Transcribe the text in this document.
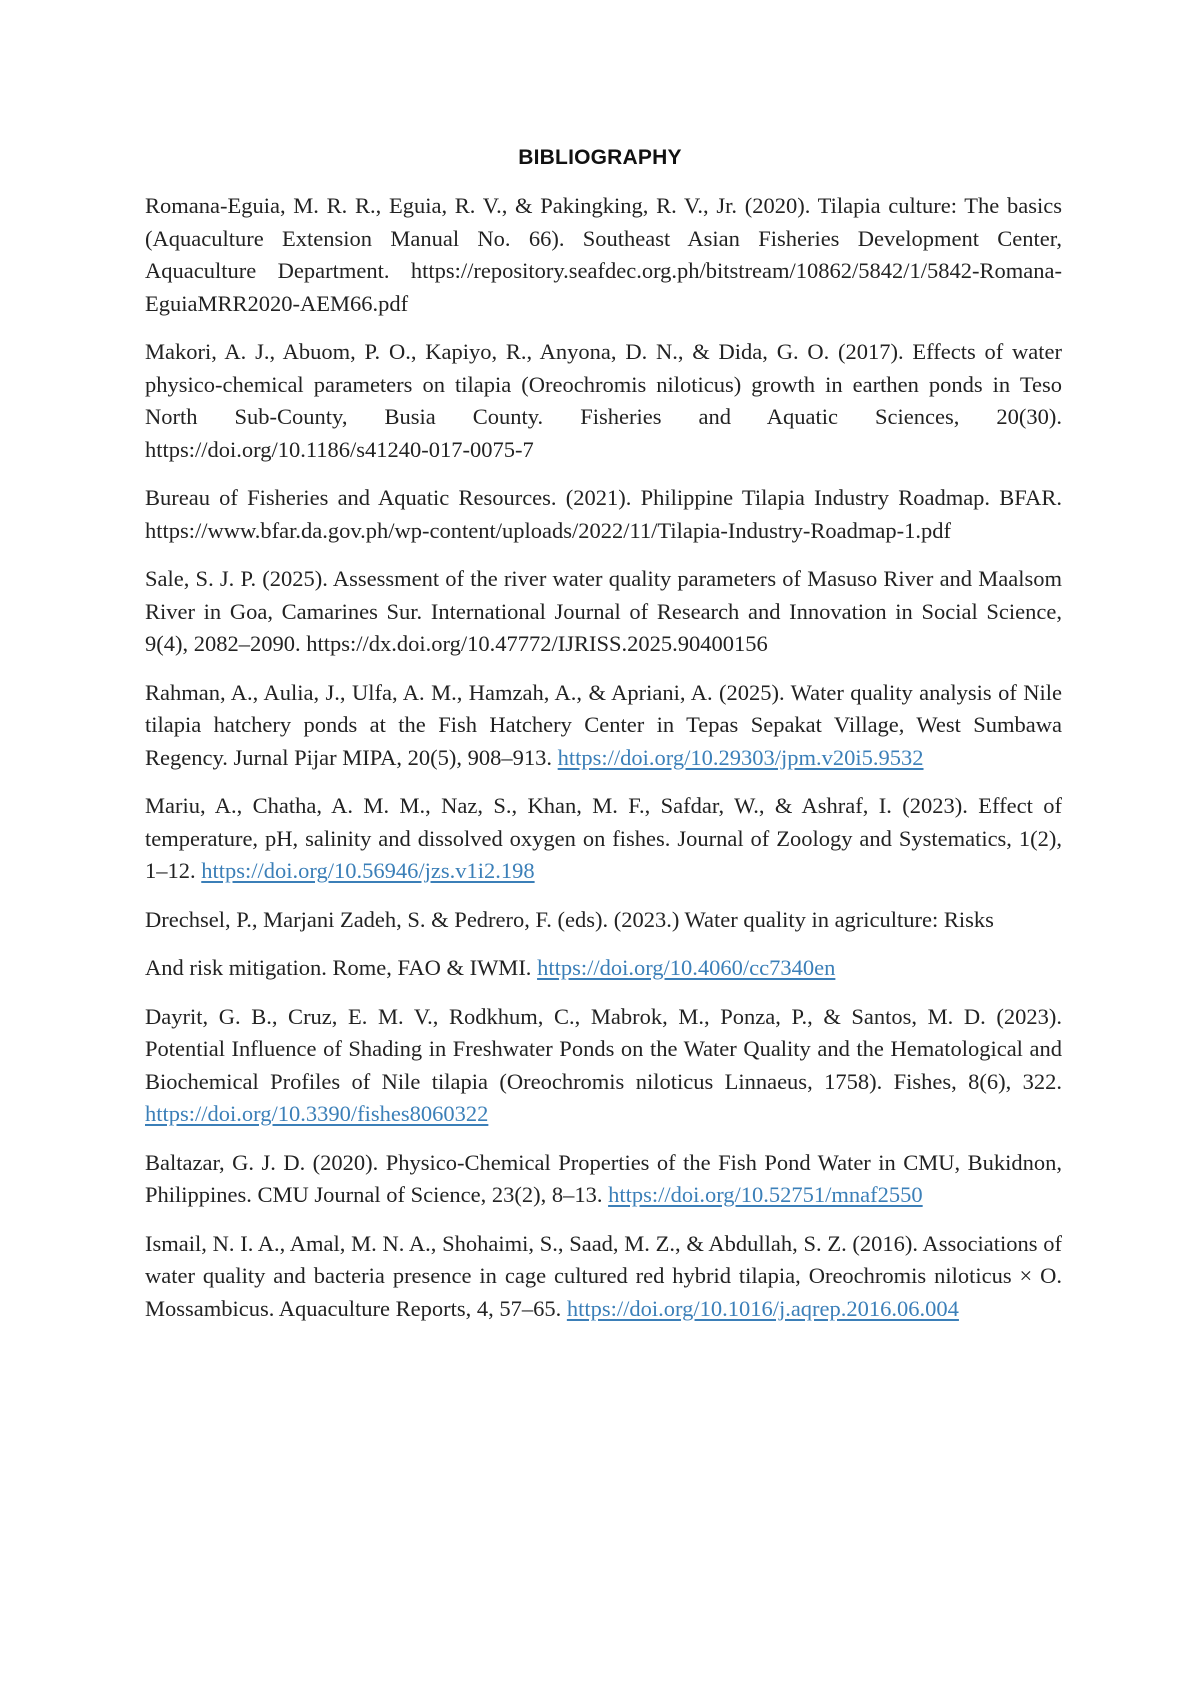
BIBLIOGRAPHY

Romana-Eguia, M. R. R., Eguia, R. V., & Pakingking, R. V., Jr. (2020). Tilapia culture: The basics (Aquaculture Extension Manual No. 66). Southeast Asian Fisheries Development Center, Aquaculture Department. https://repository.seafdec.org.ph/bitstream/10862/5842/1/5842-Romana-EguiaMRR2020-AEM66.pdf

Makori, A. J., Abuom, P. O., Kapiyo, R., Anyona, D. N., & Dida, G. O. (2017). Effects of water physico-chemical parameters on tilapia (Oreochromis niloticus) growth in earthen ponds in Teso North Sub-County, Busia County. Fisheries and Aquatic Sciences, 20(30). https://doi.org/10.1186/s41240-017-0075-7

Bureau of Fisheries and Aquatic Resources. (2021). Philippine Tilapia Industry Roadmap. BFAR. https://www.bfar.da.gov.ph/wp-content/uploads/2022/11/Tilapia-Industry-Roadmap-1.pdf

Sale, S. J. P. (2025). Assessment of the river water quality parameters of Masuso River and Maalsom River in Goa, Camarines Sur. International Journal of Research and Innovation in Social Science, 9(4), 2082–2090. https://dx.doi.org/10.47772/IJRISS.2025.90400156

Rahman, A., Aulia, J., Ulfa, A. M., Hamzah, A., & Apriani, A. (2025). Water quality analysis of Nile tilapia hatchery ponds at the Fish Hatchery Center in Tepas Sepakat Village, West Sumbawa Regency. Jurnal Pijar MIPA, 20(5), 908–913. https://doi.org/10.29303/jpm.v20i5.9532

Mariu, A., Chatha, A. M. M., Naz, S., Khan, M. F., Safdar, W., & Ashraf, I. (2023). Effect of temperature, pH, salinity and dissolved oxygen on fishes. Journal of Zoology and Systematics, 1(2), 1–12. https://doi.org/10.56946/jzs.v1i2.198

Drechsel, P., Marjani Zadeh, S. & Pedrero, F. (eds). (2023.) Water quality in agriculture: Risks

And risk mitigation. Rome, FAO & IWMI. https://doi.org/10.4060/cc7340en

Dayrit, G. B., Cruz, E. M. V., Rodkhum, C., Mabrok, M., Ponza, P., & Santos, M. D. (2023). Potential Influence of Shading in Freshwater Ponds on the Water Quality and the Hematological and Biochemical Profiles of Nile tilapia (Oreochromis niloticus Linnaeus, 1758). Fishes, 8(6), 322. https://doi.org/10.3390/fishes8060322

Baltazar, G. J. D. (2020). Physico-Chemical Properties of the Fish Pond Water in CMU, Bukidnon, Philippines. CMU Journal of Science, 23(2), 8–13. https://doi.org/10.52751/mnaf2550

Ismail, N. I. A., Amal, M. N. A., Shohaimi, S., Saad, M. Z., & Abdullah, S. Z. (2016). Associations of water quality and bacteria presence in cage cultured red hybrid tilapia, Oreochromis niloticus × O. Mossambicus. Aquaculture Reports, 4, 57–65. https://doi.org/10.1016/j.aqrep.2016.06.004
